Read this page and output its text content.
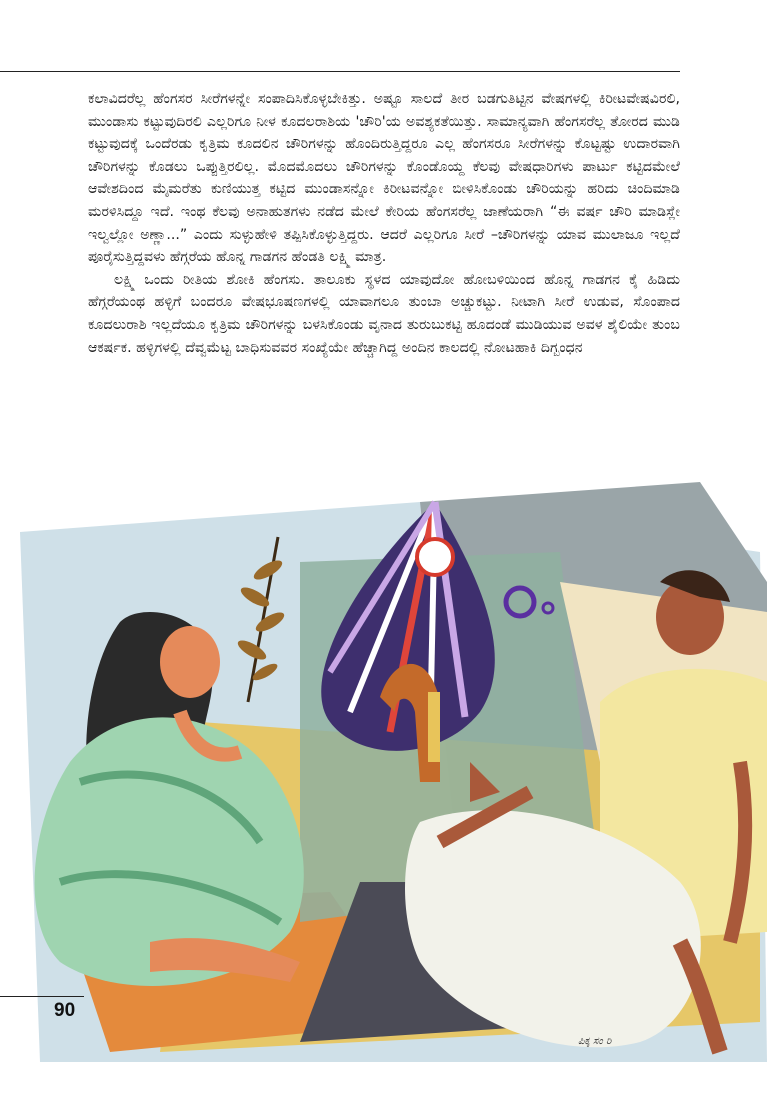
ಕಲಾವಿದರೆಲ್ಲ ಹೆಂಗಸರ ಸೀರೆಗಳನ್ನೇ ಸಂಪಾದಿಸಿಕೊಳ್ಳಬೇಕಿತ್ತು. ಅಷ್ಟೂ ಸಾಲದೆ ತೀರ ಬಡಗುತಿಟ್ಟಿನ ವೇಷಗಳಲ್ಲಿ ಕಿರೀಟವೇಷವಿರಲಿ, ಮುಂಡಾಸು ಕಟ್ಟುವುದಿರಲಿ ಎಲ್ಲರಿಗೂ ನೀಳ ಕೂದಲರಾಶಿಯ 'ಚೌರಿ'ಯ ಅವಶ್ಯಕತೆಯಿತ್ತು. ಸಾಮಾನ್ಯವಾಗಿ ಹೆಂಗಸರೆಲ್ಲ ತೋರದ ಮುಡಿ ಕಟ್ಟುವುದಕ್ಕೆ ಒಂದೆರಡು ಕೃತ್ರಿಮ ಕೂದಲಿನ ಚೌರಿಗಳನ್ನು ಹೊಂದಿರುತ್ತಿದ್ದರೂ ಎಲ್ಲ ಹೆಂಗಸರೂ ಸೀರೆಗಳನ್ನು ಕೊಟ್ಟಷ್ಟು ಉದಾರವಾಗಿ ಚೌರಿಗಳನ್ನು ಕೊಡಲು ಒಪ್ಪುತ್ತಿರಲಿಲ್ಲ. ಮೊದಮೊದಲು ಚೌರಿಗಳನ್ನು ಕೊಂಡೊಯ್ದ ಕೆಲವು ವೇಷಧಾರಿಗಳು ಪಾರ್ಟು ಕಟ್ಟಿದಮೇಲೆ ಆವೇಶದಿಂದ ಮೈಮರೆತು ಕುಣಿಯುತ್ತ ಕಟ್ಟಿದ ಮುಂಡಾಸನ್ನೋ ಕಿರೀಟವನ್ನೋ ಬೀಳಿಸಿಕೊಂಡು ಚೌರಿಯನ್ನು ಹರಿದು ಚಿಂದಿಮಾಡಿ ಮರಳಿಸಿದ್ದೂ ಇದೆ. ಇಂಥ ಕೆಲವು ಅನಾಹುತಗಳು ನಡೆದ ಮೇಲೆ ಕೇರಿಯ ಹೆಂಗಸರೆಲ್ಲ ಜಾಣೆಯರಾಗಿ “ಈ ವರ್ಷ ಚೌರಿ ಮಾಡಿಸ್ಲೇ ಇಲ್ವಲ್ಲೋ ಅಣ್ಣಾ...” ಎಂದು ಸುಳ್ಳುಹೇಳಿ ತಪ್ಪಿಸಿಕೊಳ್ಳುತ್ತಿದ್ದರು. ಆದರೆ ಎಲ್ಲರಿಗೂ ಸೀರೆ –ಚೌರಿಗಳನ್ನು ಯಾವ ಮುಲಾಜೂ ಇಲ್ಲದೆ ಪೂರೈಸುತ್ತಿದ್ದವಳು ಹೆಗ್ಗರೆಯ ಹೊನ್ನ ಗಾಡಗನ ಹೆಂಡತಿ ಲಕ್ಷ್ಮಿ ಮಾತ್ರ.

ಲಕ್ಷ್ಮಿ ಒಂದು ರೀತಿಯ ಶೋಕಿ ಹೆಂಗಸು. ತಾಲೂಕು ಸ್ಥಳದ ಯಾವುದೋ ಹೋಬಳಿಯಿಂದ ಹೊನ್ನ ಗಾಡಗನ ಕೈ ಹಿಡಿದು ಹೆಗ್ಗರೆಯಂಥ ಹಳ್ಳಿಗೆ ಬಂದರೂ ವೇಷಭೂಷಣಗಳಲ್ಲಿ ಯಾವಾಗಲೂ ತುಂಬಾ ಅಚ್ಚುಕಟ್ಟು. ನೀಟಾಗಿ ಸೀರೆ ಉಡುವ, ಸೊಂಪಾದ ಕೂದಲುರಾಶಿ ಇಲ್ಲದೆಯೂ ಕೃತ್ರಿಮ ಚೌರಿಗಳನ್ನು ಬಳಸಿಕೊಂಡು ವೃನಾದ ತುರುಬುಕಟ್ಟಿ ಹೂದಂಡೆ ಮುಡಿಯುವ ಅವಳ ಶೈಲಿಯೇ ತುಂಬ ಆಕರ್ಷಕ. ಹಳ್ಳಿಗಳಲ್ಲಿ ದೆವ್ವಮೆಟ್ಟ ಬಾಧಿಸುವವರ ಸಂಖ್ಯೆಯೇ ಹೆಚ್ಚಾಗಿದ್ದ ಅಂದಿನ ಕಾಲದಲ್ಲಿ ನೋಟಹಾಕಿ ದಿಗ್ಬಂಧನ

90
ಪಿಕ್ಕ ಸಂ ರಿ
